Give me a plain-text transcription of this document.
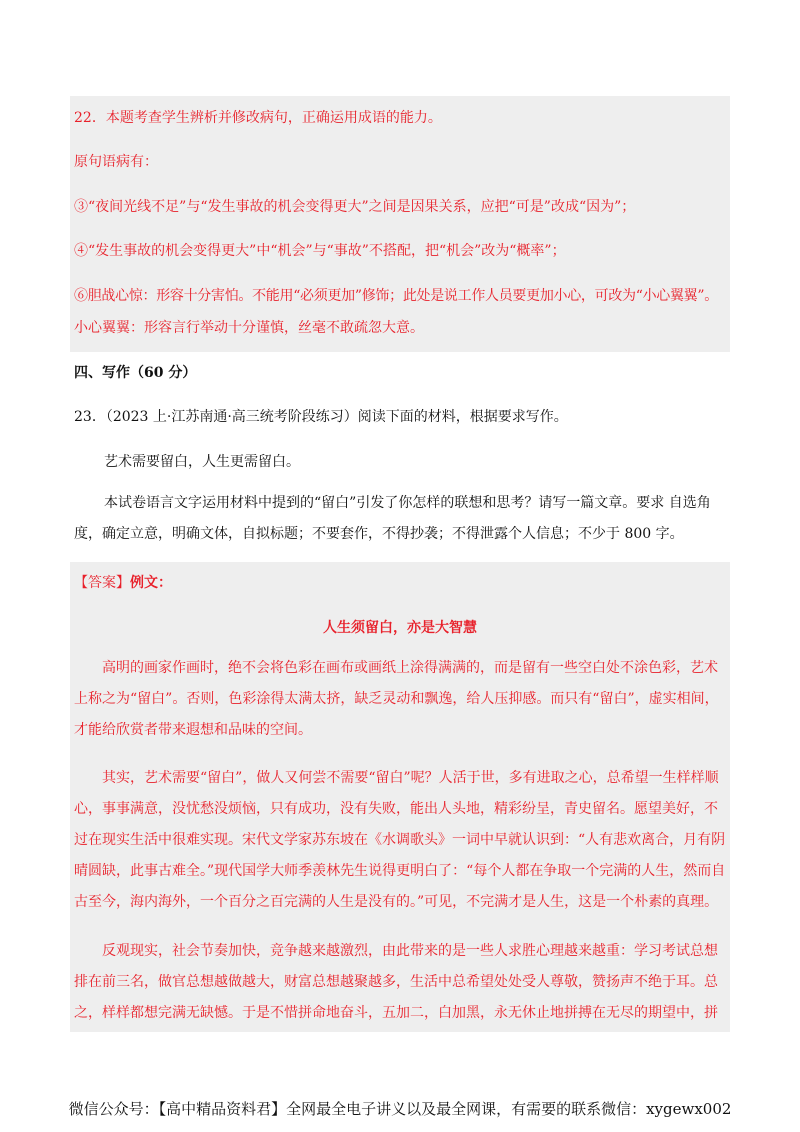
22．本题考查学生辨析并修改病句，正确运用成语的能力。
原句语病有：
③“夜间光线不足”与“发生事故的机会变得更大”之间是因果关系，应把“可是”改成“因为”；
④“发生事故的机会变得更大”中“机会”与“事故”不搭配，把“机会”改为“概率”；
⑥胆战心惊：形容十分害怕。不能用“必须更加”修饰；此处是说工作人员要更加小心，可改为“小心翼翼”。
小心翼翼：形容言行举动十分谨慎，丝毫不敢疏忽大意。
四、写作（60 分）
23．（2023 上·江苏南通·高三统考阶段练习）阅读下面的材料，根据要求写作。
艺术需要留白，人生更需留白。
本试卷语言文字运用材料中提到的“留白”引发了你怎样的联想和思考？请写一篇文章。要求 自选角度，确定立意，明确文体，自拟标题；不要套作，不得抄袭；不得泄露个人信息；不少于 800 字。
【答案】例文：
人生须留白，亦是大智慧
高明的画家作画时，绝不会将色彩在画布或画纸上涂得满满的，而是留有一些空白处不涂色彩，艺术上称之为“留白”。否则，色彩涂得太满太挤，缺乏灵动和飘逸，给人压抑感。而只有“留白”，虚实相间，才能给欣赏者带来遐想和品味的空间。
其实，艺术需要“留白”，做人又何尝不需要“留白”呢？人活于世，多有进取之心，总希望一生样样顺心，事事满意，没忧愁没烦恼，只有成功，没有失败，能出人头地，精彩纷呈，青史留名。愿望美好，不过在现实生活中很难实现。宋代文学家苏东坡在《水调歌头》一词中早就认识到：“人有悲欢离合，月有阴晴圆缺，此事古难全。”现代国学大师季羡林先生说得更明白了：“每个人都在争取一个完满的人生，然而自古至今，海内海外，一个百分之百完满的人生是没有的。”可见，不完满才是人生，这是一个朴素的真理。
反观现实，社会节奏加快，竞争越来越激烈，由此带来的是一些人求胜心理越来越重：学习考试总想排在前三名，做官总想越做越大，财富总想越聚越多，生活中总希望处处受人尊敬，赞扬声不绝于耳。总之，样样都想完满无缺憾。于是不惜拼命地奋斗，五加二，白加黑，永无休止地拼搏在无尽的期望中，拼
微信公众号：【高中精品资料君】全网最全电子讲义以及最全网课，有需要的联系微信：xygewx002
